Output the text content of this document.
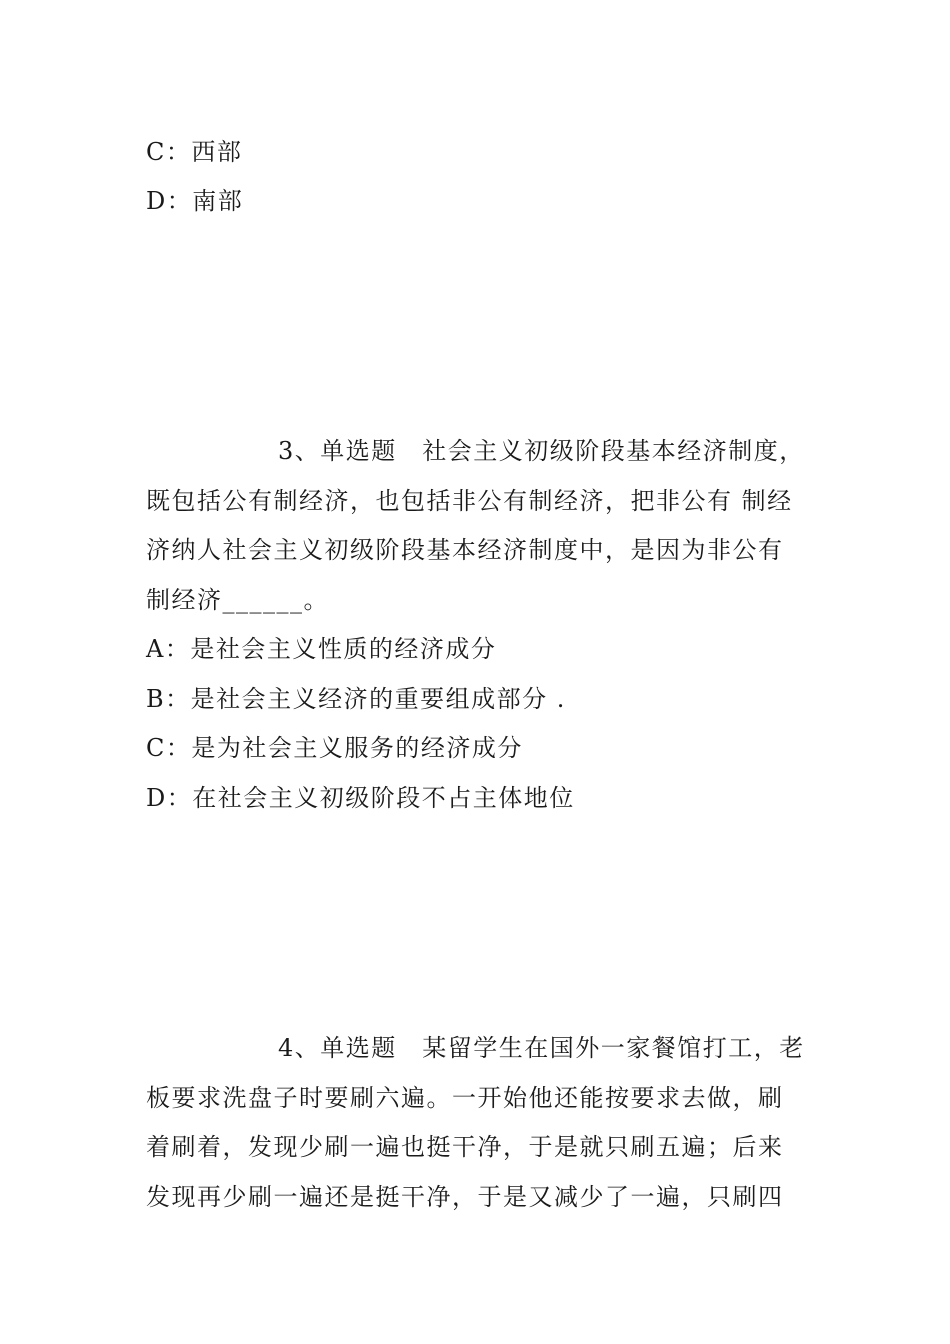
C：西部
D：南部
3、单选题　社会主义初级阶段基本经济制度，
既包括公有制经济，也包括非公有制经济，把非公有 制经
济纳人社会主义初级阶段基本经济制度中，是因为非公有
制经济______。
A：是社会主义性质的经济成分
B：是社会主义经济的重要组成部分 .
C：是为社会主义服务的经济成分
D：在社会主义初级阶段不占主体地位
4、单选题　某留学生在国外一家餐馆打工，老
板要求洗盘子时要刷六遍。一开始他还能按要求去做，刷
着刷着，发现少刷一遍也挺干净，于是就只刷五遍；后来
发现再少刷一遍还是挺干净，于是又减少了一遍，只刷四
